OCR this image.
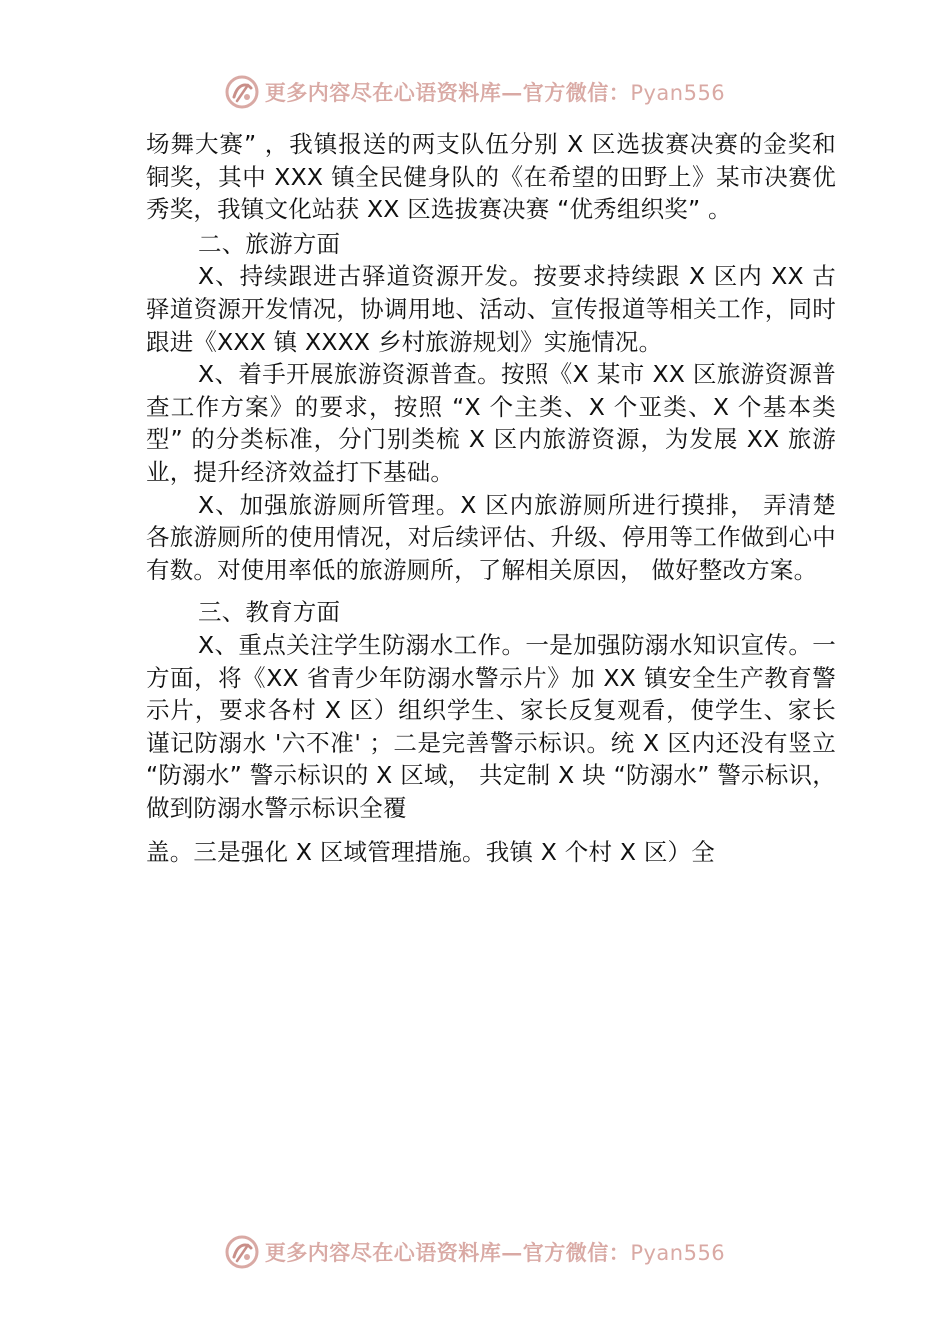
更多内容尽在心语资料库—官方微信：Pyan556

场舞大赛” ，我镇报送的两支队伍分别 X 区选拔赛决赛的金奖和铜奖，其中 XXX 镇全民健身队的《在希望的田野上》某市决赛优秀奖，我镇文化站获 XX 区选拔赛决赛 “优秀组织奖” 。

二、旅游方面

X、持续跟进古驿道资源开发。按要求持续跟 X 区内 XX 古驿道资源开发情况，协调用地、活动、宣传报道等相关工作，同时跟进《XXX 镇 XXXX 乡村旅游规划》实施情况。

X、着手开展旅游资源普查。按照《X 某市 XX 区旅游资源普查工作方案》的要求，按照 “X 个主类、X 个亚类、X 个基本类型” 的分类标准，分门别类梳 X 区内旅游资源，为发展 XX 旅游业，提升经济效益打下基础。

X、加强旅游厕所管理。X 区内旅游厕所进行摸排， 弄清楚各旅游厕所的使用情况，对后续评估、升级、停用等工作做到心中有数。对使用率低的旅游厕所，了解相关原因， 做好整改方案。

三、教育方面

X、重点关注学生防溺水工作。一是加强防溺水知识宣传。一方面，将《XX 省青少年防溺水警示片》加 XX 镇安全生产教育警示片，要求各村 X 区）组织学生、家长反复观看，使学生、家长谨记防溺水 '六不准' ；二是完善警示标识。统 X 区内还没有竖立 “防溺水” 警示标识的 X 区域， 共定制 X 块 “防溺水” 警示标识，做到防溺水警示标识全覆

盖。三是强化 X 区域管理措施。我镇 X 个村 X 区）全

更多内容尽在心语资料库—官方微信：Pyan556
